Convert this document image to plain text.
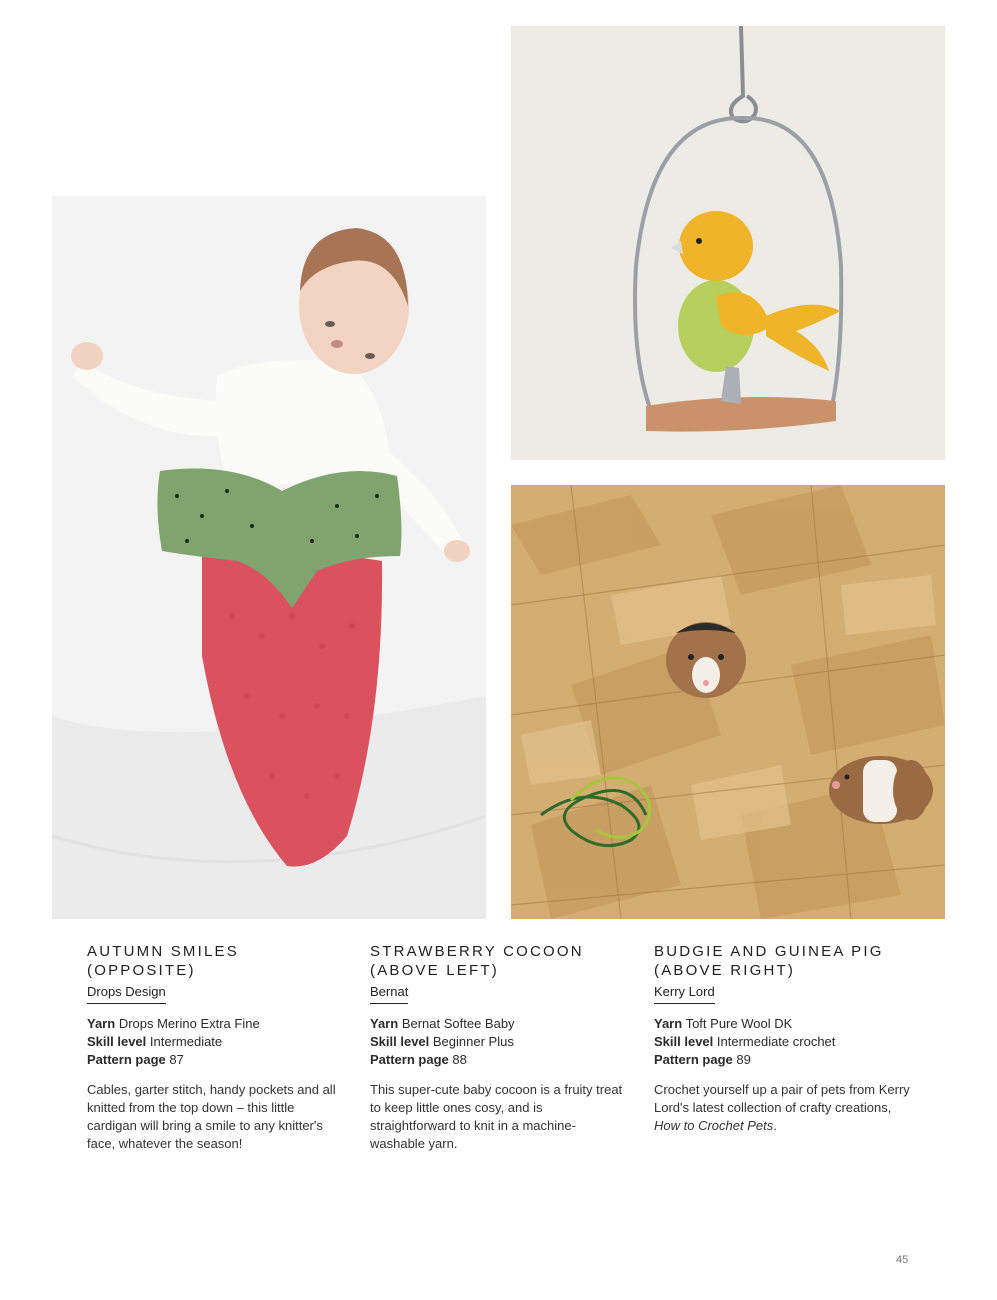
AUTUMN SMILES
(OPPOSITE)

Drops Design
Yarn Drops Merino Extra Fine
Skill level Intermediate
Pattern page 87
Cables, garter stitch, handy pockets and all knitted from the top down – this little cardigan will bring a smile to any knitter's face, whatever the season!

STRAWBERRY COCOON
(ABOVE LEFT)

Bernat
Yarn Bernat Softee Baby
Skill level Beginner Plus
Pattern page 88
This super-cute baby cocoon is a fruity treat to keep little ones cosy, and is straightforward to knit in a machine-washable yarn.

BUDGIE AND GUINEA PIG
(ABOVE RIGHT)

Kerry Lord
Yarn Toft Pure Wool DK
Skill level Intermediate crochet
Pattern page 89
Crochet yourself up a pair of pets from Kerry Lord's latest collection of crafty creations, How to Crochet Pets.
45
